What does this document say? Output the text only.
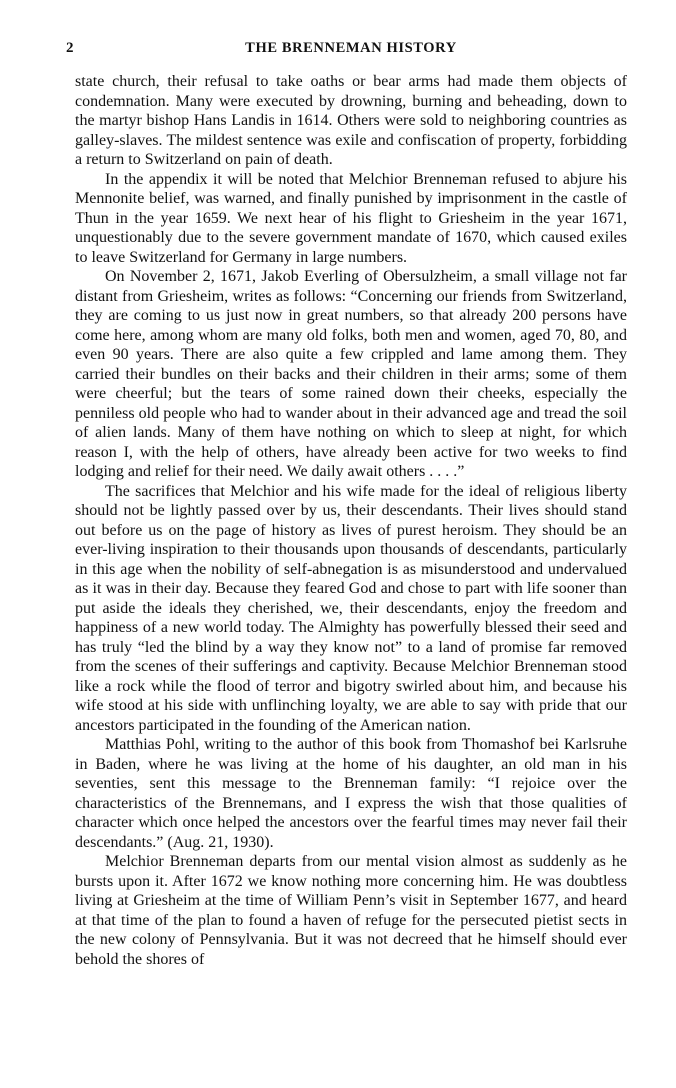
2	THE BRENNEMAN HISTORY

state church, their refusal to take oaths or bear arms had made them objects of condemnation. Many were executed by drowning, burning and beheading, down to the martyr bishop Hans Landis in 1614. Others were sold to neighboring countries as galley-slaves. The mildest sentence was exile and confiscation of property, forbidding a return to Switzerland on pain of death.

In the appendix it will be noted that Melchior Brenneman refused to abjure his Mennonite belief, was warned, and finally punished by imprisonment in the castle of Thun in the year 1659. We next hear of his flight to Griesheim in the year 1671, unquestionably due to the severe government mandate of 1670, which caused exiles to leave Switzerland for Germany in large numbers.

On November 2, 1671, Jakob Everling of Obersulzheim, a small village not far distant from Griesheim, writes as follows: “Concerning our friends from Switzerland, they are coming to us just now in great numbers, so that already 200 persons have come here, among whom are many old folks, both men and women, aged 70, 80, and even 90 years. There are also quite a few crippled and lame among them. They carried their bundles on their backs and their children in their arms; some of them were cheerful; but the tears of some rained down their cheeks, especially the penniless old people who had to wander about in their advanced age and tread the soil of alien lands. Many of them have nothing on which to sleep at night, for which reason I, with the help of others, have already been active for two weeks to find lodging and relief for their need. We daily await others . . . .”

The sacrifices that Melchior and his wife made for the ideal of religious liberty should not be lightly passed over by us, their descendants. Their lives should stand out before us on the page of history as lives of purest heroism. They should be an ever-living inspiration to their thousands upon thousands of descendants, particularly in this age when the nobility of self-abnegation is as misunderstood and undervalued as it was in their day. Because they feared God and chose to part with life sooner than put aside the ideals they cherished, we, their descendants, enjoy the freedom and happiness of a new world today. The Almighty has powerfully blessed their seed and has truly “led the blind by a way they know not” to a land of promise far removed from the scenes of their sufferings and captivity. Because Melchior Brenneman stood like a rock while the flood of terror and bigotry swirled about him, and because his wife stood at his side with unflinching loyalty, we are able to say with pride that our ancestors participated in the founding of the American nation.

Matthias Pohl, writing to the author of this book from Thomashof bei Karlsruhe in Baden, where he was living at the home of his daughter, an old man in his seventies, sent this message to the Brenneman family: “I rejoice over the characteristics of the Brennemans, and I express the wish that those qualities of character which once helped the ancestors over the fearful times may never fail their descendants.” (Aug. 21, 1930).

Melchior Brenneman departs from our mental vision almost as suddenly as he bursts upon it. After 1672 we know nothing more concerning him. He was doubtless living at Griesheim at the time of William Penn’s visit in September 1677, and heard at that time of the plan to found a haven of refuge for the persecuted pietist sects in the new colony of Pennsylvania. But it was not decreed that he himself should ever behold the shores of
